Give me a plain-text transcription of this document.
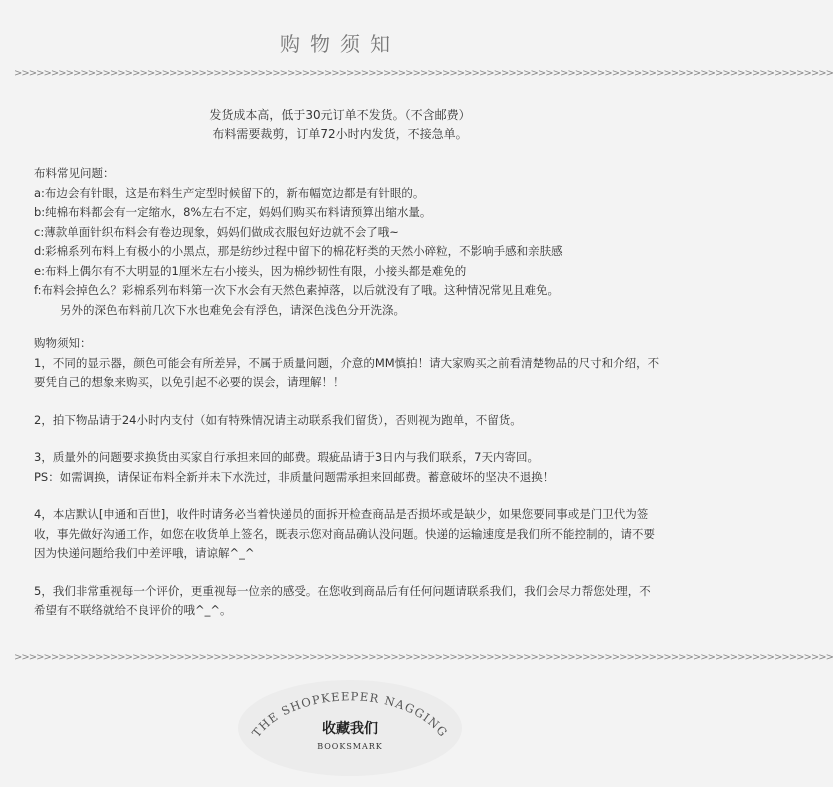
购物须知
>>>>>>>>>>>>>>>>>>>>>>>>>>>>>>>>>>>>>>>>>>>>>>>>>>>>>>>>>>>>>>>>>>>>>>>>>>>>>>>>>>>>>>>>>>>>>>>>>>>>>>>>>>>>>>>

发货成本高，低于30元订单不发货。（不含邮费）

布料需要裁剪，订单72小时内发货，不接急单。

布料常见问题：

a:布边会有针眼，这是布料生产定型时候留下的，新布幅宽边都是有针眼的。

b:纯棉布料都会有一定缩水，8%左右不定，妈妈们购买布料请预算出缩水量。

c:薄款单面针织布料会有卷边现象，妈妈们做成衣服包好边就不会了哦~

d:彩棉系列布料上有极小的小黑点，那是纺纱过程中留下的棉花籽类的天然小碎粒，不影响手感和亲肤感

e:布料上偶尔有不大明显的1厘米左右小接头，因为棉纱韧性有限，小接头都是难免的

f:布料会掉色么？彩棉系列布料第一次下水会有天然色素掉落，以后就没有了哦。这种情况常见且难免。

另外的深色布料前几次下水也难免会有浮色，请深色浅色分开洗涤。

购物须知：

1，不同的显示器，颜色可能会有所差异，不属于质量问题，介意的MM慎拍！请大家购买之前看清楚物品的尺寸和介绍，不要凭自己的想象来购买，以免引起不必要的误会，请理解！！

2，拍下物品请于24小时内支付（如有特殊情况请主动联系我们留货），否则视为跑单，不留货。

3，质量外的问题要求换货由买家自行承担来回的邮费。瑕疵品请于3日内与我们联系，7天内寄回。

PS：如需调换，请保证布料全新并未下水洗过，非质量问题需承担来回邮费。蓄意破坏的坚决不退换！

4，本店默认[申通和百世]，收件时请务必当着快递员的面拆开检查商品是否损坏或是缺少，如果您要同事或是门卫代为签收，事先做好沟通工作，如您在收货单上签名，既表示您对商品确认没问题。快递的运输速度是我们所不能控制的，请不要因为快递问题给我们中差评哦，请谅解^_^

5，我们非常重视每一个评价，更重视每一位亲的感受。在您收到商品后有任何问题请联系我们，我们会尽力帮您处理，不希望有不联络就给不良评价的哦^_^。

>>>>>>>>>>>>>>>>>>>>>>>>>>>>>>>>>>>>>>>>>>>>>>>>>>>>>>>>>>>>>>>>>>>>>>>>>>>>>>>>>>>>>>>>>>>>>>>>>>>>>>>>>>>>>>>
THE SHOPKEEPER NAGGING
收藏我们
BOOKSMARK
